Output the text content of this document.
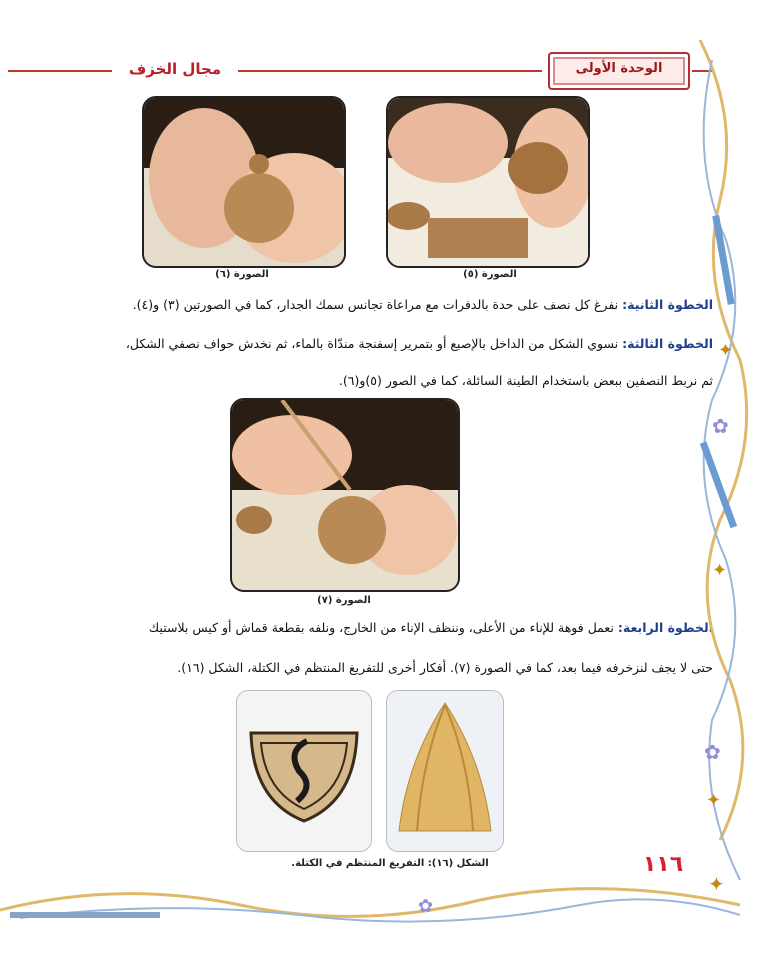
مجال الخزف	الوحدة الأولى
الصورة (٦)	الصورة (٥)
الخطوة الثانية: نفرغ كل نصف على حدة بالدفرات مع مراعاة تجانس سمك الجدار، كما في الصورتين (٣) و(٤).
الخطوة الثالثة: نسوي الشكل من الداخل بالإصبع أو بتمرير إسفنجة مندّاة بالماء، ثم نخدش حواف نصفي الشكل،
ثم نربط النصفين ببعض باستخدام الطينة السائلة، كما في الصور (٥)و(٦).
الصورة (٧)
الخطوة الرابعة: نعمل فوهة للإناء من الأعلى، وننظف الإناء من الخارج، ونلفه بقطعة قماش أو كيس بلاستيك
حتى لا يجف لنزخرفه فيما بعد، كما في الصورة (٧). أفكار أخرى للتفريغ المنتظم في الكتلة، الشكل (١٦).
الشكل (١٦): التفريغ المنتظم في الكتلة.
✦
✦
✦
✦
✿
✿
✿
١١٦
